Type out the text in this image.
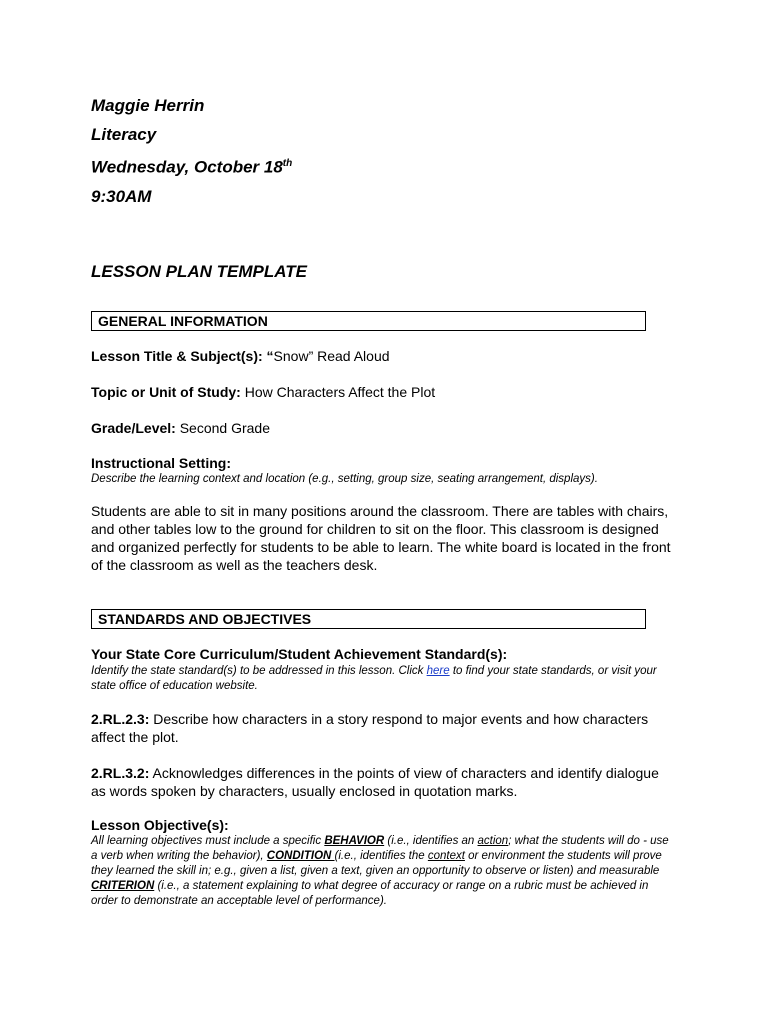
Maggie Herrin
Literacy
Wednesday, October 18th
9:30AM
LESSON PLAN TEMPLATE
GENERAL INFORMATION
Lesson Title & Subject(s): “Snow” Read Aloud
Topic or Unit of Study: How Characters Affect the Plot
Grade/Level: Second Grade
Instructional Setting:
Describe the learning context and location (e.g., setting, group size, seating arrangement, displays).
Students are able to sit in many positions around the classroom. There are tables with chairs, and other tables low to the ground for children to sit on the floor. This classroom is designed and organized perfectly for students to be able to learn. The white board is located in the front of the classroom as well as the teachers desk.
STANDARDS AND OBJECTIVES
Your State Core Curriculum/Student Achievement Standard(s):
Identify the state standard(s) to be addressed in this lesson. Click here to find your state standards, or visit your state office of education website.
2.RL.2.3: Describe how characters in a story respond to major events and how characters affect the plot.
2.RL.3.2: Acknowledges differences in the points of view of characters and identify dialogue as words spoken by characters, usually enclosed in quotation marks.
Lesson Objective(s):
All learning objectives must include a specific BEHAVIOR (i.e., identifies an action; what the students will do - use a verb when writing the behavior), CONDITION (i.e., identifies the context or environment the students will prove they learned the skill in; e.g., given a list, given a text, given an opportunity to observe or listen) and measurable CRITERION (i.e., a statement explaining to what degree of accuracy or range on a rubric must be achieved in order to demonstrate an acceptable level of performance).
